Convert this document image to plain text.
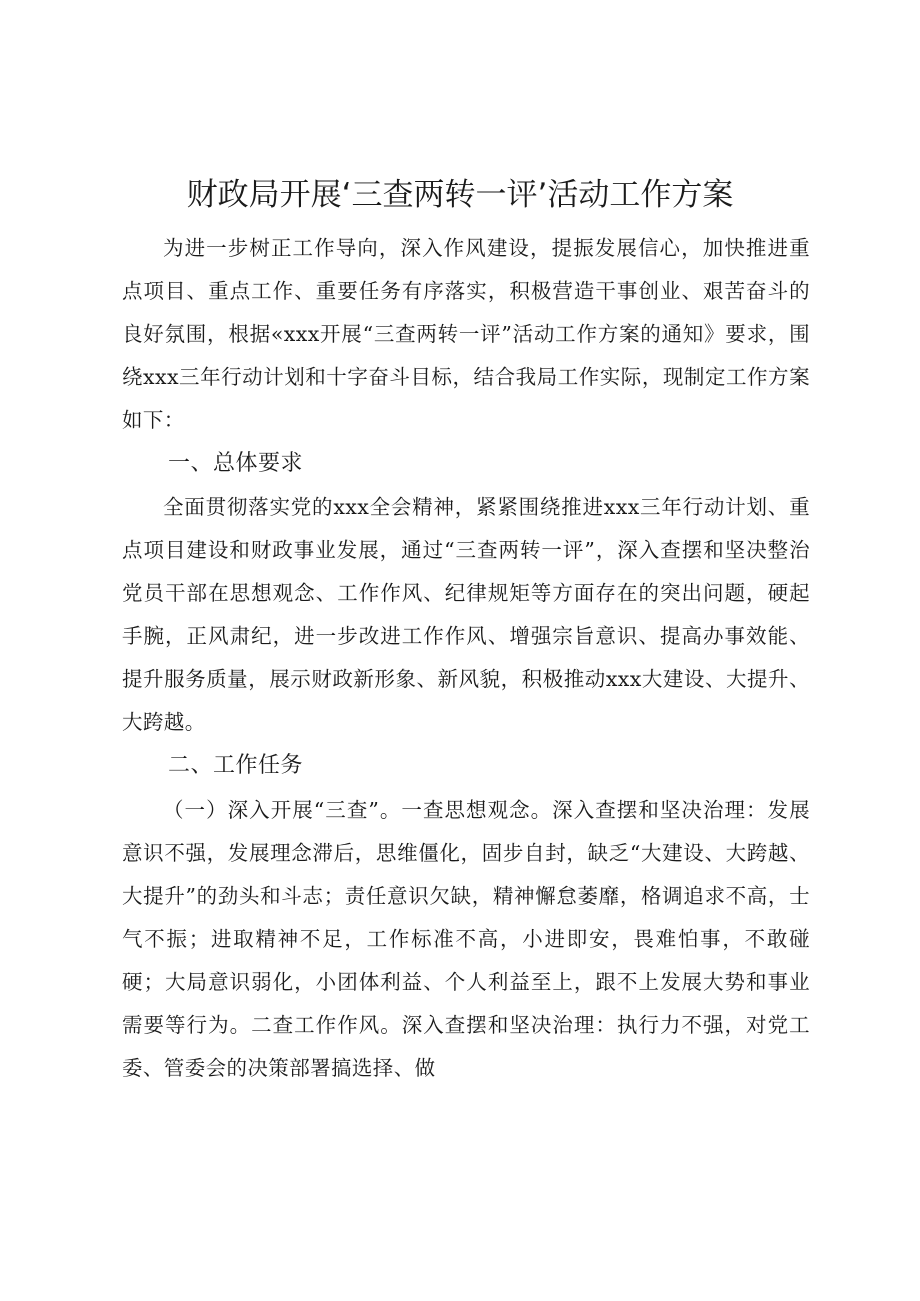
财政局开展‘三查两转一评’活动工作方案

为进一步树正工作导向，深入作风建设，提振发展信心，加快推进重点项目、重点工作、重要任务有序落实，积极营造干事创业、艰苦奋斗的良好氛围，根据«xxx开展“三查两转一评”活动工作方案的通知》要求，围绕xxx三年行动计划和十字奋斗目标，结合我局工作实际，现制定工作方案如下：

一、总体要求

全面贯彻落实党的xxx全会精神，紧紧围绕推进xxx三年行动计划、重点项目建设和财政事业发展，通过“三查两转一评”，深入查摆和坚决整治党员干部在思想观念、工作作风、纪律规矩等方面存在的突出问题，硬起手腕，正风肃纪，进一步改进工作作风、增强宗旨意识、提高办事效能、提升服务质量，展示财政新形象、新风貌，积极推动xxx大建设、大提升、大跨越。

二、工作任务

（一）深入开展“三查”。一查思想观念。深入查摆和坚决治理：发展意识不强，发展理念滞后，思维僵化，固步自封，缺乏“大建设、大跨越、大提升”的劲头和斗志；责任意识欠缺，精神懈怠萎靡，格调追求不高，士气不振；进取精神不足，工作标准不高，小进即安，畏难怕事，不敢碰硬；大局意识弱化，小团体利益、个人利益至上，跟不上发展大势和事业需要等行为。二查工作作风。深入查摆和坚决治理：执行力不强，对党工委、管委会的决策部署搞选择、做
